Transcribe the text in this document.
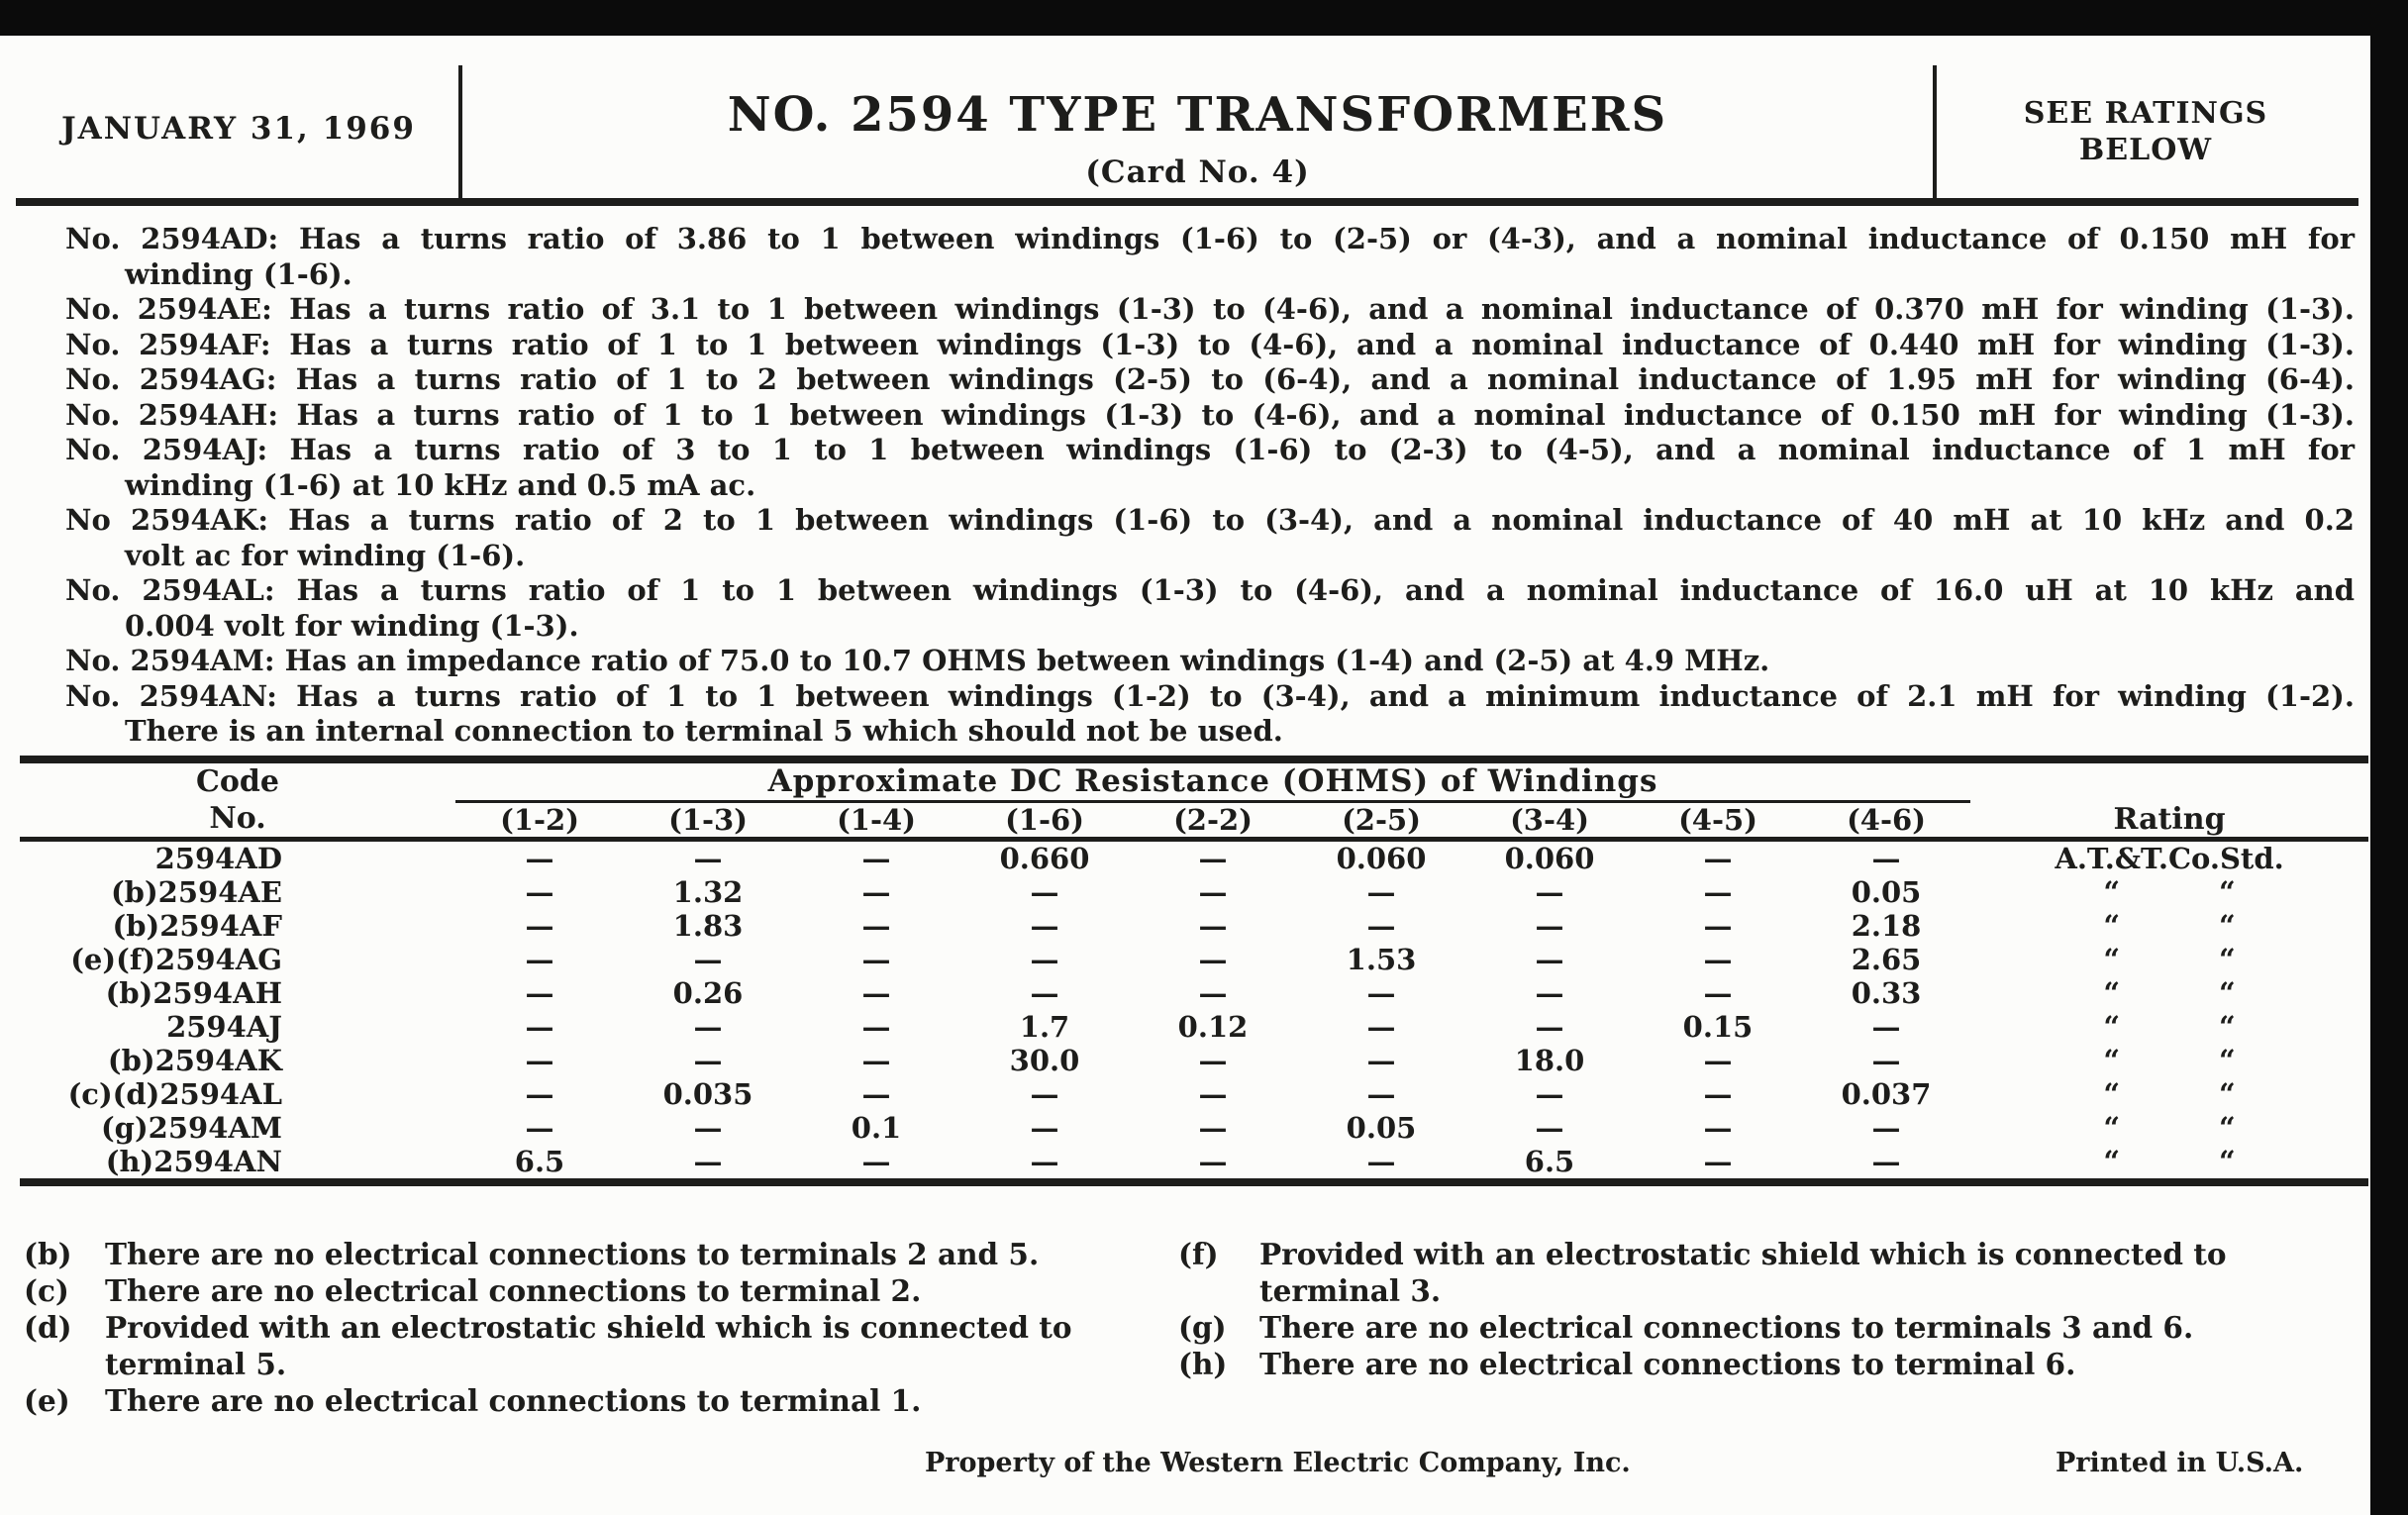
JANUARY 31, 1969	NO. 2594 TYPE TRANSFORMERS
(Card No. 4)
SEE RATINGS
BELOW
No. 2594AD: Has a turns ratio of 3.86 to 1 between windings (1-6) to (2-5) or (4-3), and a nominal inductance of 0.150 mH for
winding (1-6).
No. 2594AE: Has a turns ratio of 3.1 to 1 between windings (1-3) to (4-6), and a nominal inductance of 0.370 mH for winding (1-3).
No. 2594AF: Has a turns ratio of 1 to 1 between windings (1-3) to (4-6), and a nominal inductance of 0.440 mH for winding (1-3).
No. 2594AG: Has a turns ratio of 1 to 2 between windings (2-5) to (6-4), and a nominal inductance of 1.95 mH for winding (6-4).
No. 2594AH: Has a turns ratio of 1 to 1 between windings (1-3) to (4-6), and a nominal inductance of 0.150 mH for winding (1-3).
No. 2594AJ: Has a turns ratio of 3 to 1 to 1 between windings (1-6) to (2-3) to (4-5), and a nominal inductance of 1 mH for
winding (1-6) at 10 kHz and 0.5 mA ac.
No 2594AK: Has a turns ratio of 2 to 1 between windings (1-6) to (3-4), and a nominal inductance of 40 mH at 10 kHz and 0.2
volt ac for winding (1-6).
No. 2594AL: Has a turns ratio of 1 to 1 between windings (1-3) to (4-6), and a nominal inductance of 16.0 uH at 10 kHz and
0.004 volt for winding (1-3).
No. 2594AM: Has an impedance ratio of 75.0 to 10.7 OHMS between windings (1-4) and (2-5) at 4.9 MHz.
No. 2594AN: Has a turns ratio of 1 to 1 between windings (1-2) to (3-4), and a minimum inductance of 2.1 mH for winding (1-2).
There is an internal connection to terminal 5 which should not be used.
Code
No.	Approximate DC Resistance (OHMS) of Windings									Rating
	(1-2)	(1-3)	(1-4)	(1-6)	(2-2)	(2-5)	(3-4)	(4-5)	(4-6)	
2594AD	—	—	—	0.660	—	0.060	0.060	—	—	A.T.&T.Co.Std.
(b)2594AE	—	1.32	—	—	—	—	—	—	0.05	“ “

(b)2594AF	—	1.83	—	—	—	—	—	—	2.18	“ “

(e)(f)2594AG	—	—	—	—	—	1.53	—	—	2.65	“ “

(b)2594AH	—	0.26	—	—	—	—	—	—	0.33	“ “

2594AJ	—	—	—	1.7	0.12	—	—	0.15	—	“ “

(b)2594AK	—	—	—	30.0	—	—	18.0	—	—	“ “

(c)(d)2594AL	—	0.035	—	—	—	—	—	—	0.037	“ “

(g)2594AM	—	—	0.1	—	—	0.05	—	—	—	“ “

(h)2594AN	6.5	—	—	—	—	—	6.5	—	—	“ “
(b) There are no electrical connections to terminals 2 and 5.
(c) There are no electrical connections to terminal 2.
(d) Provided with an electrostatic shield which is connected to terminal 5.
(e) There are no electrical connections to terminal 1.
(f) Provided with an electrostatic shield which is connected to terminal 3.
(g) There are no electrical connections to terminals 3 and 6.
(h) There are no electrical connections to terminal 6.
Property of the Western Electric Company, Inc.	Printed in U.S.A.
